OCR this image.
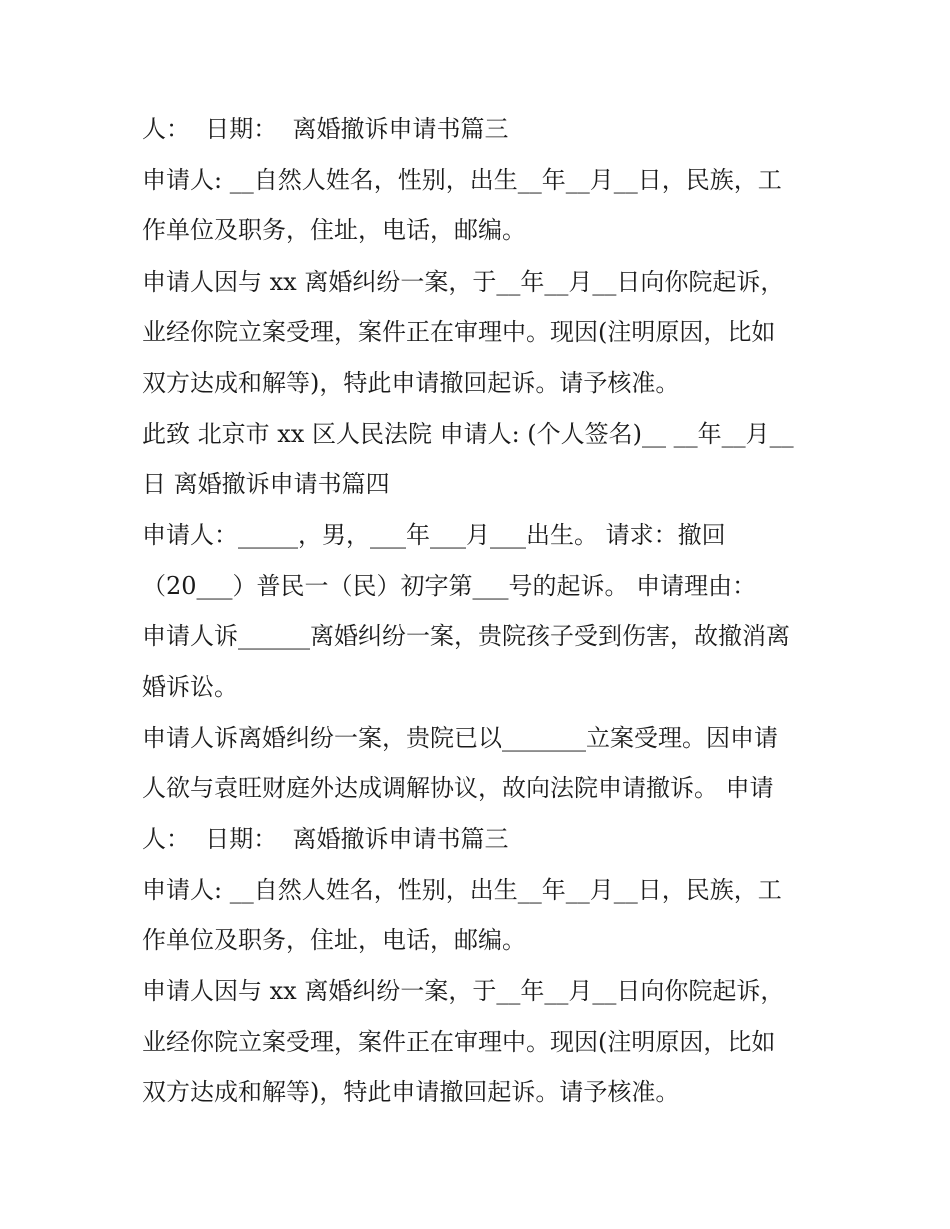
人：  日期：  离婚撤诉申请书篇三
申请人: __自然人姓名，性别，出生__年__月__日，民族，工
作单位及职务，住址，电话，邮编。
申请人因与 xx 离婚纠纷一案，于__年__月__日向你院起诉，
业经你院立案受理，案件正在审理中。现因(注明原因，比如
双方达成和解等)，特此申请撤回起诉。请予核准。
此致 北京市 xx 区人民法院 申请人: (个人签名)__ __年__月__
日 离婚撤诉申请书篇四
申请人：_____，男，___年___月___出生。 请求：撤回
（20___）普民一（民）初字第___号的起诉。 申请理由：
申请人诉______离婚纠纷一案，贵院孩子受到伤害，故撤消离
婚诉讼。
申请人诉离婚纠纷一案，贵院已以_______立案受理。因申请
人欲与袁旺财庭外达成调解协议，故向法院申请撤诉。 申请
人：  日期：  离婚撤诉申请书篇三
申请人: __自然人姓名，性别，出生__年__月__日，民族，工
作单位及职务，住址，电话，邮编。
申请人因与 xx 离婚纠纷一案，于__年__月__日向你院起诉，
业经你院立案受理，案件正在审理中。现因(注明原因，比如
双方达成和解等)，特此申请撤回起诉。请予核准。
